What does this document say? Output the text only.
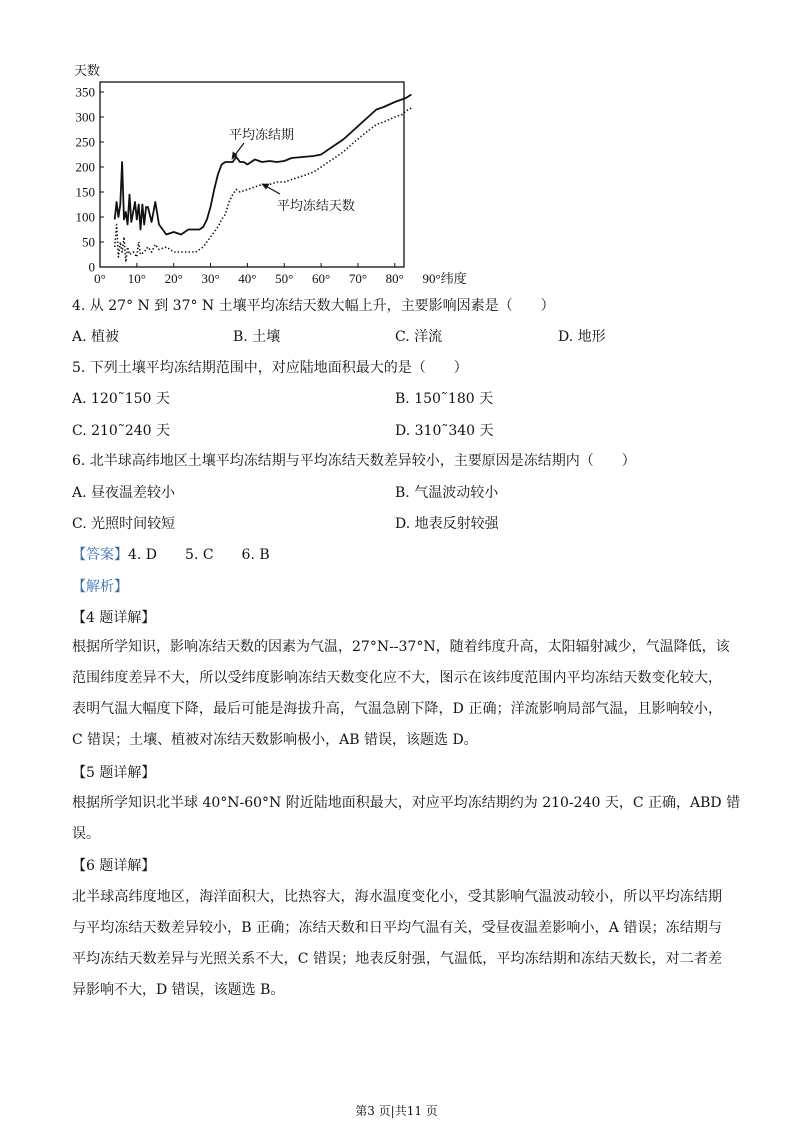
0
50
100
150
200
250
300
350
0° 10° 20° 30° 40° 50° 60° 70° 80° 90°
天数
纬度
平均冻结期
平均冻结天数
4. 从 27° N 到 37° N 土壤平均冻结天数大幅上升，主要影响因素是（　　）
A. 植被	B. 土壤	C. 洋流	D. 地形
5. 下列土壤平均冻结期范围中，对应陆地面积最大的是（　　）
A. 120˜150 天	B. 150˜180 天
C. 210˜240 天	D. 310˜340 天
6. 北半球高纬地区土壤平均冻结期与平均冻结天数差异较小，主要原因是冻结期内（　　）
A. 昼夜温差较小	B. 气温波动较小
C. 光照时间较短	D. 地表反射较强
【答案】4. D　　5. C　　6. B
【解析】
【4 题详解】
根据所学知识，影响冻结天数的因素为气温，27°N--37°N，随着纬度升高，太阳辐射减少，气温降低，该
范围纬度差异不大，所以受纬度影响冻结天数变化应不大，图示在该纬度范围内平均冻结天数变化较大，
表明气温大幅度下降，最后可能是海拔升高，气温急剧下降，D 正确；洋流影响局部气温，且影响较小，
C 错误；土壤、植被对冻结天数影响极小，AB 错误，该题选 D。
【5 题详解】
根据所学知识北半球 40°N-60°N 附近陆地面积最大，对应平均冻结期约为 210-240 天，C 正确，ABD 错
误。
【6 题详解】
北半球高纬度地区，海洋面积大，比热容大，海水温度变化小，受其影响气温波动较小，所以平均冻结期
与平均冻结天数差异较小，B 正确；冻结天数和日平均气温有关，受昼夜温差影响小，A 错误；冻结期与
平均冻结天数差异与光照关系不大，C 错误；地表反射强，气温低，平均冻结期和冻结天数长，对二者差
异影响不大，D 错误，该题选 B。
第3 页|共11 页
